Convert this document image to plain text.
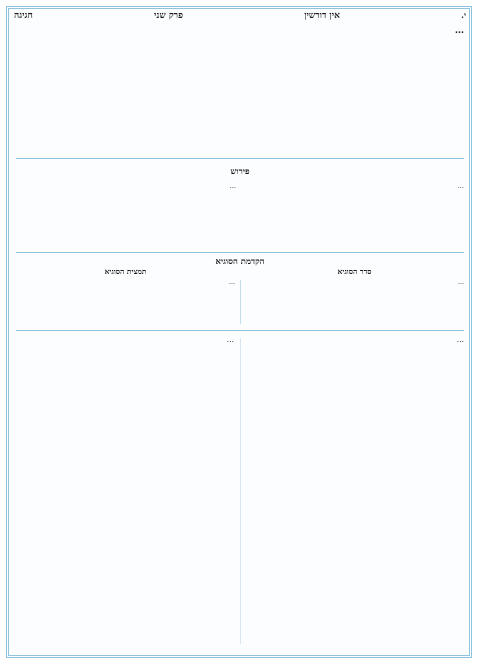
י.
אין דורשין
פרק שני
חגיגה
…
פירוש
…
…
הקדמת הסוגיא
סדר הסוגיא
…
תמצית הסוגיא
…
…
…
